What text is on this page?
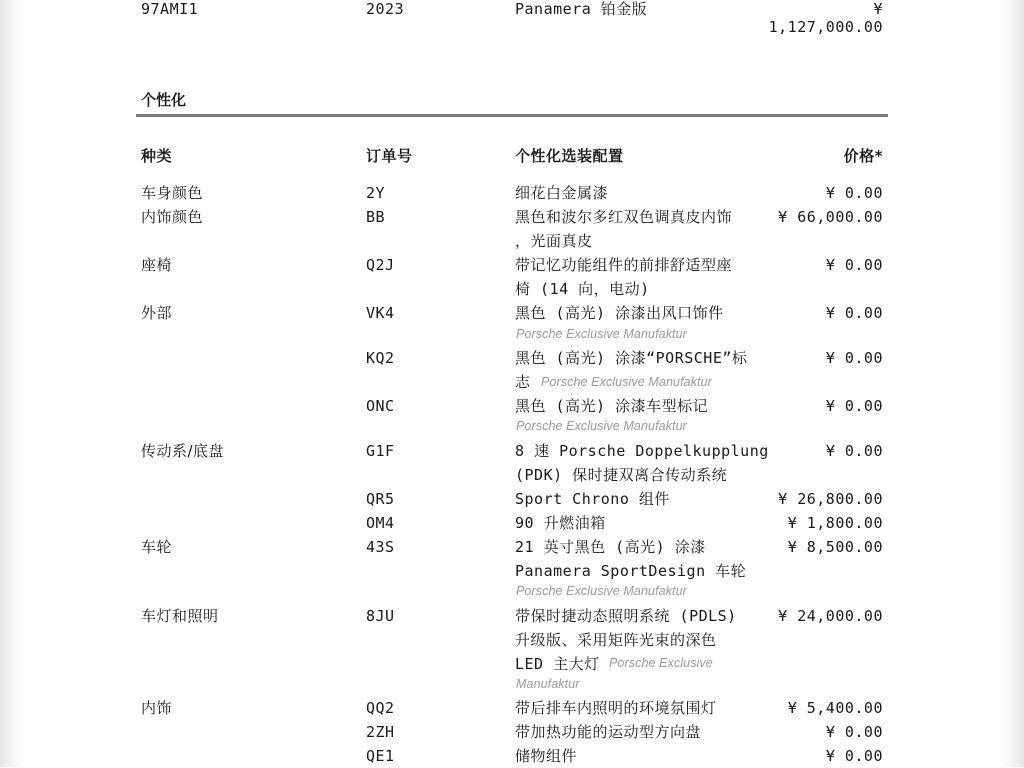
97AMI1	2023	Panamera 铂金版	¥
1,127,000.00
个性化
种类	订单号	个性化选装配置	价格*
车身颜色	2Y	细花白金属漆	¥ 0.00
内饰颜色	BB	黑色和波尔多红双色调真皮内饰
，光面真皮
¥ 66,000.00
座椅	Q2J	带记忆功能组件的前排舒适型座
椅 (14 向，电动)
¥ 0.00
外部	VK4	黑色 (高光) 涂漆出风口饰件
Porsche Exclusive Manufaktur
¥ 0.00
KQ2	黑色 (高光) 涂漆“PORSCHE”标
志 Porsche Exclusive Manufaktur
¥ 0.00
ONC	黑色 (高光) 涂漆车型标记
Porsche Exclusive Manufaktur
¥ 0.00
传动系/底盘	G1F	8 速 Porsche Doppelkupplung
(PDK) 保时捷双离合传动系统
¥ 0.00
QR5	Sport Chrono 组件	¥ 26,800.00
OM4	90 升燃油箱	¥ 1,800.00
车轮	43S	21 英寸黑色 (高光) 涂漆
Panamera SportDesign 车轮
Porsche Exclusive Manufaktur
¥ 8,500.00
车灯和照明	8JU	带保时捷动态照明系统 (PDLS)
升级版、采用矩阵光束的深色
LED 主大灯 Porsche Exclusive
Manufaktur
¥ 24,000.00
内饰	QQ2	带后排车内照明的环境氛围灯	¥ 5,400.00
2ZH	带加热功能的运动型方向盘	¥ 0.00
QE1	储物组件	¥ 0.00
